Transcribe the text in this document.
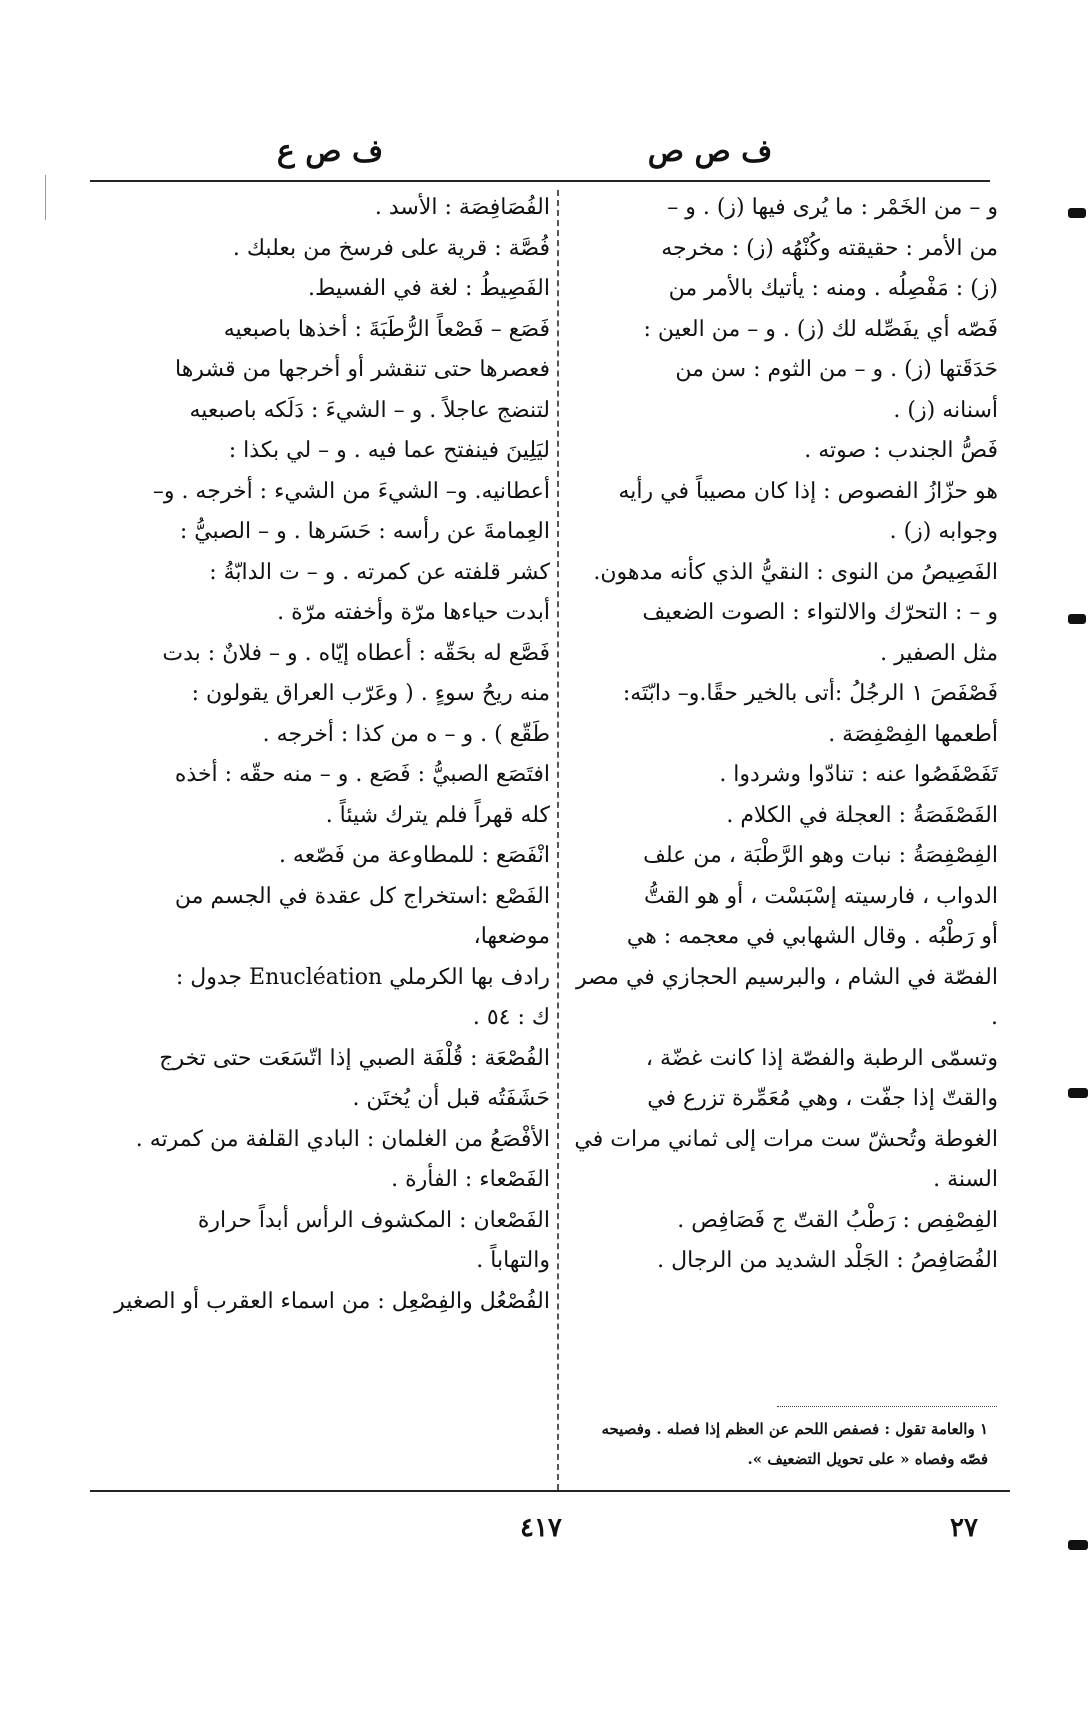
ف ص ص
ف ص ع

و – من الخَمْر : ما يُرى فيها (ز) . و –

من الأمر : حقيقته وكُنْهُه (ز) : مخرجه

(ز) : مَفْصِلُه . ومنه : يأتيك بالأمر من

فَصّه أي يفَصِّله لك (ز) . و – من العين :

حَدَقَتها (ز) . و – من الثوم : سن من

أسنانه (ز) .

فَصُّ الجندب : صوته .

هو حزّازُ الفصوص : إذا كان مصيباً في رأيه

وجوابه (ز) .

الفَصِيصُ من النوى : النقيُّ الذي كأنه مدهون.

و – : التحرّك والالتواء : الصوت الضعيف

مثل الصفير .

فَصْفَصَ ١ الرجُلُ :أتى بالخير حقًا.و– دابّتَه:

أطعمها الفِصْفِصَة .

تَفَصْفَصُوا عنه : تنادّوا وشردوا .

الفَصْفَصَةُ : العجلة في الكلام .

الفِصْفِصَةُ : نبات وهو الرَّطْبَة ، من علف

الدواب ، فارسيته إسْبَسْت ، أو هو القتُّ

أو رَطْبُه . وقال الشهابي في معجمه : هي

الفصّة في الشام ، والبرسيم الحجازي في مصر .

وتسمّى الرطبة والفصّة إذا كانت غضّة ،

والقتّ إذا جفّت ، وهي مُعَمِّرة تزرع في

الغوطة وتُحشّ ست مرات إلى ثماني مرات في

السنة .

الفِصْفِص : رَطْبُ القتّ ج فَصَافِص .

الفُصَافِصُ : الجَلْد الشديد من الرجال .

الفُصَافِصَة : الأسد .

فُصَّة : قرية على فرسخ من بعلبك .

الفَصِيطُ : لغة في الفسيط.

فَصَع – فَصْعاً الرُّطَبَةَ : أخذها باصبعيه

فعصرها حتى تنقشر أو أخرجها من قشرها

لتنضج عاجلاً . و – الشيءَ : دَلَكه باصبعيه

ليَلِينَ فينفتح عما فيه . و – لي بكذا :

أعطانيه. و– الشيءَ من الشيء : أخرجه . و–

العِمامةَ عن رأسه : حَسَرها . و – الصبيُّ :

كشر قلفته عن كمرته . و – ت الدابّةُ :

أبدت حياءها مرّة وأخفته مرّة .

فَصَّع له بحَقّه : أعطاه إيّاه . و – فلانٌ : بدت

منه ريحُ سوءٍ . ( وعَرّب العراق يقولون :

طَقّع ) . و – ه من كذا : أخرجه .

افتَصَع الصبيُّ : فَصَع . و – منه حقّه : أخذه

كله قهراً فلم يترك شيئاً .

انْفَصَع : للمطاوعة من فَصّعه .

الفَصْع :استخراج كل عقدة في الجسم من موضعها،

رادف بها الكرملي Enucléation جدول :

ك : ٥٤ .

الفُصْعَة : قُلْفَة الصبي إذا اتّسَعَت حتى تخرج

حَشَفَتُه قبل أن يُختَن .

الأفْصَعُ من الغلمان : البادي القلفة من كمرته .

الفَصْعاء : الفأرة .

الفَصْعان : المكشوف الرأس أبداً حرارة

والتهاباً .

الفُصْعُل والفِصْعِل : من اسماء العقرب أو الصغير

١ والعامة تقول : فصفص اللحم عن العظم إذا فصله . وفصيحه
فصّه وفصاه « على تحويل التضعيف ».
٢٧
٤١٧
